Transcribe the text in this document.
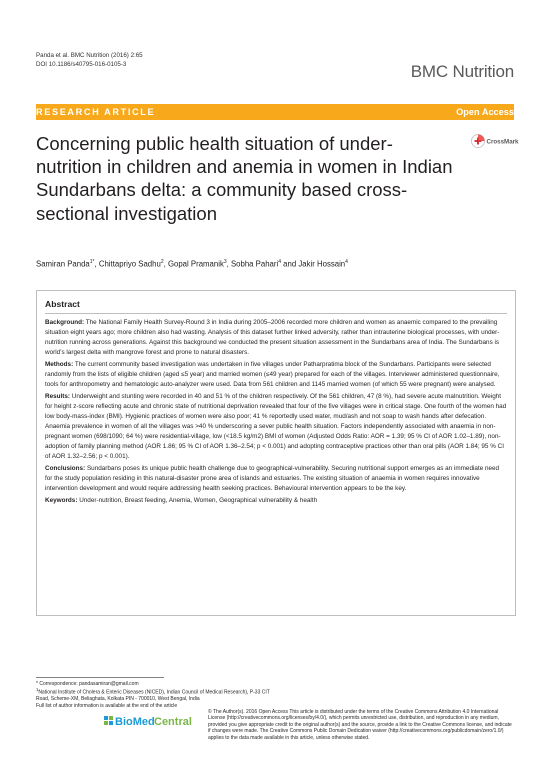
Panda et al. BMC Nutrition (2016) 2:65
DOI 10.1186/s40795-016-0105-3	BMC Nutrition
RESEARCH ARTICLE	Open Access
Concerning public health situation of under-nutrition in children and anemia in women in Indian Sundarbans delta: a community based cross-sectional investigation
CrossMark
Samiran Panda$^{1*}$, Chittapriyo Sadhu$^2$, Gopal Pramanik$^3$, Sobha Pahari$^4$ and Jakir Hossain$^4$
Abstract

Background: The National Family Health Survey-Round 3 in India during 2005–2006 recorded more children and women as anaemic compared to the prevailing situation eight years ago; more children also had wasting. Analysis of this dataset further linked adversity, rather than intrauterine biological processes, with under-nutrition running across generations. Against this background we conducted the present situation assessment in the Sundarbans area of India. The Sundarbans is world’s largest delta with mangrove forest and prone to natural disasters.

Methods: The current community based investigation was undertaken in five villages under Patharpratima block of the Sundarbans. Participants were selected randomly from the lists of eligible children (aged ≤5 year) and married women (≤49 year) prepared for each of the villages. Interviewer administered questionnaire, tools for anthropometry and hematologic auto-analyzer were used. Data from 561 children and 1145 married women (of which 55 were pregnant) were analysed.

Results: Underweight and stunting were recorded in 40 and 51 % of the children respectively. Of the 561 children, 47 (8 %), had severe acute malnutrition. Weight for height z-score reflecting acute and chronic state of nutritional deprivation revealed that four of the five villages were in critical stage. One fourth of the women had low body-mass-index (BMI). Hygienic practices of women were also poor; 41 % reportedly used water, mud/ash and not soap to wash hands after defecation. Anaemia prevalence in women of all the villages was >40 % underscoring a sever public health situation. Factors independently associated with anaemia in non-pregnant women (698/1090; 64 %) were residential-village, low (<18.5 kg/m2) BMI of women (Adjusted Odds Ratio: AOR = 1.39; 95 % CI of AOR 1.02–1.89), non-adoption of family planning method (AOR 1.86; 95 % CI of AOR 1.36–2.54; p < 0.001) and adopting contraceptive practices other than oral pills (AOR 1.84; 95 % CI of AOR 1.32–2.56; p < 0.001).

Conclusions: Sundarbans poses its unique public health challenge due to geographical-vulnerability. Securing nutritional support emerges as an immediate need for the study population residing in this natural-disaster prone area of islands and estuaries. The existing situation of anaemia in women requires innovative intervention development and would require addressing health seeking practices. Behavioural intervention appears to be the key.

Keywords: Under-nutrition, Breast feeding, Anemia, Women, Geographical vulnerability & health

* Correspondence: pandasamiran@gmail.com

$^1$National Institute of Cholera & Enteric Diseases (NICED), Indian Council of Medical Research), P-33 CIT Road, Scheme-XM, Beliaghata, Kolkata PIN - 700010, West Bengal, India

Full list of author information is available at the end of the article

BioMed Central
© The Author(s). 2016 Open Access This article is distributed under the terms of the Creative Commons Attribution 4.0 International License (http://creativecommons.org/licenses/by/4.0/), which permits unrestricted use, distribution, and reproduction in any medium, provided you give appropriate credit to the original author(s) and the source, provide a link to the Creative Commons license, and indicate if changes were made. The Creative Commons Public Domain Dedication waiver (http://creativecommons.org/publicdomain/zero/1.0/) applies to the data made available in this article, unless otherwise stated.
